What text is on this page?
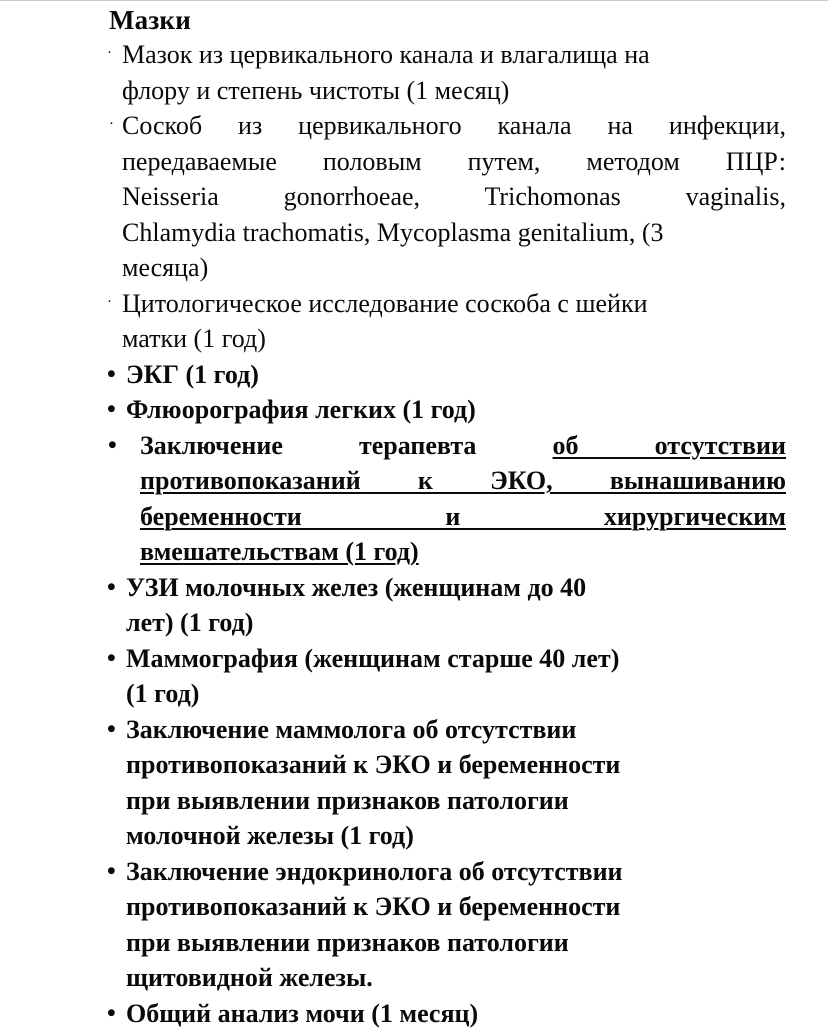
Мазки
· Мазок из цервикального канала и влагалища на
флору и степень чистоты (1 месяц)
· Соскоб из цервикального канала на инфекции,
передаваемые половым путем, методом ПЦР:
Neisseria gonorrhoeae, Trichomonas vaginalis,
Chlamydia trachomatis, Mycoplasma genitalium, (3
месяца)
· Цитологическое исследование соскоба с шейки
матки (1 год)
• ЭКГ (1 год)
• Флюорография легких (1 год)
• Заключение терапевта об отсутствии
противопоказаний к ЭКО, вынашиванию
беременности и хирургическим
вмешательствам (1 год)
• УЗИ молочных желез (женщинам до 40
лет) (1 год)
• Маммография (женщинам старше 40 лет)
(1 год)
• Заключение маммолога об отсутствии
противопоказаний к ЭКО и беременности
при выявлении признаков патологии
молочной железы (1 год)
• Заключение эндокринолога об отсутствии
противопоказаний к ЭКО и беременности
при выявлении признаков патологии
щитовидной железы.
• Общий анализ мочи (1 месяц)
